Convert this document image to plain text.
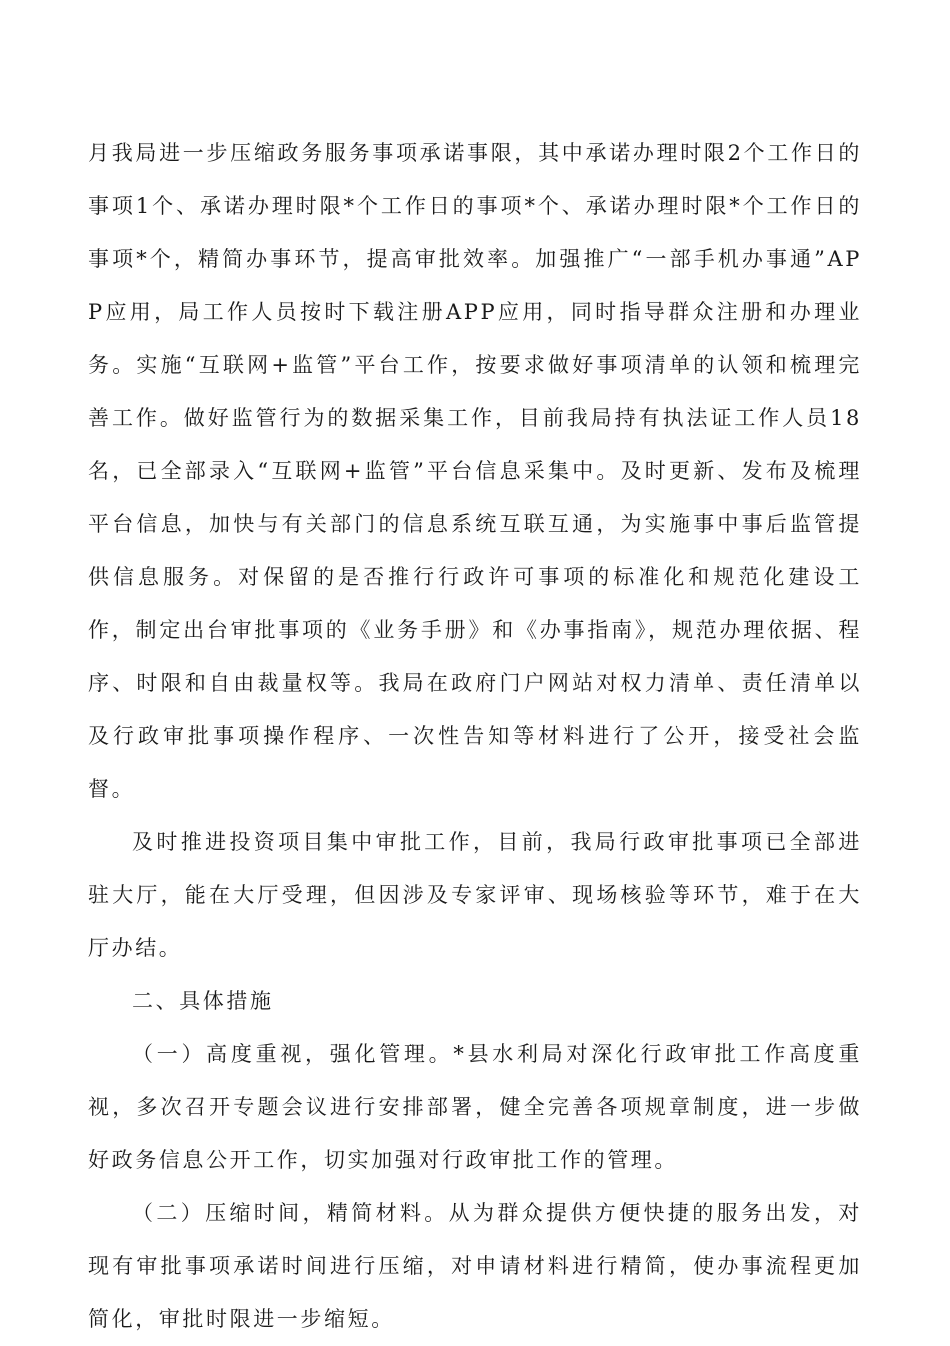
月我局进一步压缩政务服务事项承诺事限，其中承诺办理时限2个工作日的事项1个、承诺办理时限*个工作日的事项*个、承诺办理时限*个工作日的事项*个，精简办事环节，提高审批效率。加强推广“一部手机办事通”APP应用，局工作人员按时下载注册APP应用，同时指导群众注册和办理业务。实施“互联网+监管”平台工作，按要求做好事项清单的认领和梳理完善工作。做好监管行为的数据采集工作，目前我局持有执法证工作人员18名，已全部录入“互联网+监管”平台信息采集中。及时更新、发布及梳理平台信息，加快与有关部门的信息系统互联互通，为实施事中事后监管提供信息服务。对保留的是否推行行政许可事项的标准化和规范化建设工作，制定出台审批事项的《业务手册》和《办事指南》，规范办理依据、程序、时限和自由裁量权等。我局在政府门户网站对权力清单、责任清单以及行政审批事项操作程序、一次性告知等材料进行了公开，接受社会监督。

及时推进投资项目集中审批工作，目前，我局行政审批事项已全部进驻大厅，能在大厅受理，但因涉及专家评审、现场核验等环节，难于在大厅办结。

二、具体措施

（一）高度重视，强化管理。*县水利局对深化行政审批工作高度重视，多次召开专题会议进行安排部署，健全完善各项规章制度，进一步做好政务信息公开工作，切实加强对行政审批工作的管理。

（二）压缩时间，精简材料。从为群众提供方便快捷的服务出发，对现有审批事项承诺时间进行压缩，对申请材料进行精简，使办事流程更加简化，审批时限进一步缩短。
